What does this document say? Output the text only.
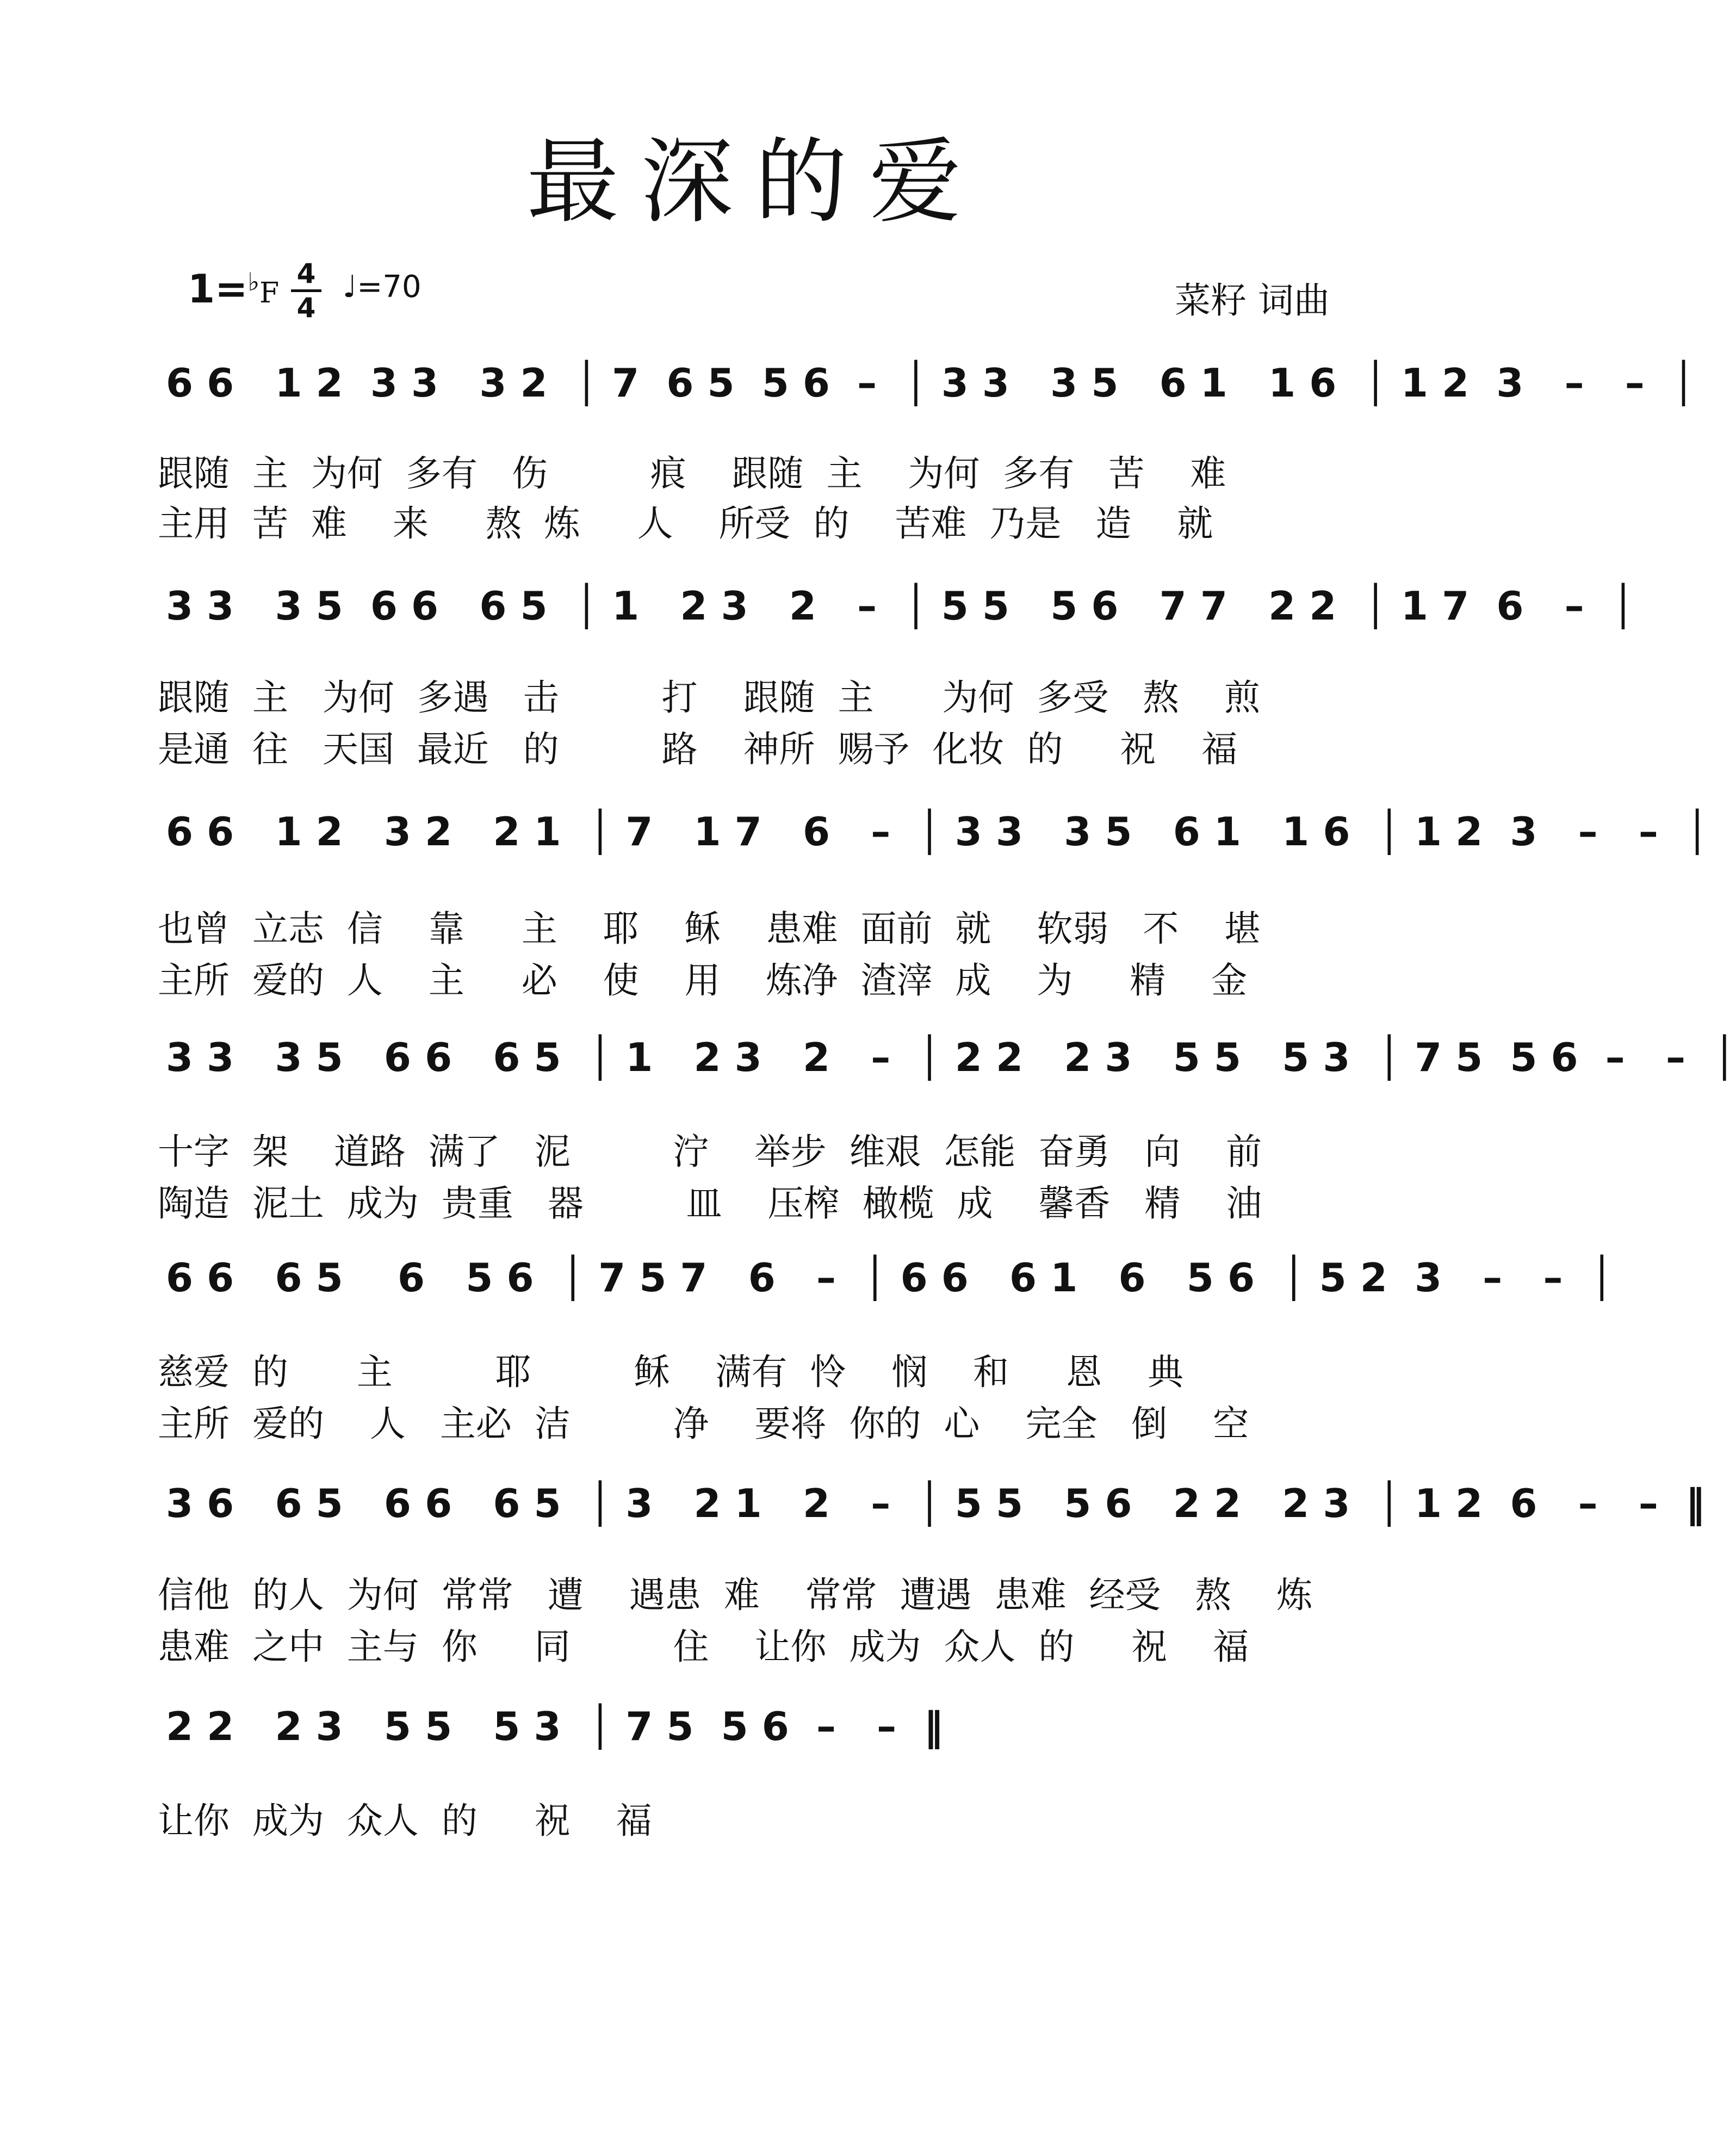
最深的爱
1=♭F
4
4
♩=70	菜籽 词曲
6 6   1 2  3 3   3 2  │ 7  6 5  5 6  –  │ 3 3   3 5   6 1   1 6  │ 1 2  3   –   –  │
跟随  主  为何  多有   伤         痕    跟随  主    为何  多有   苦    难
主用  苦  难    来     熬  炼     人    所受  的    苦难  乃是   造    就
3 3   3 5  6 6   6 5  │ 1   2 3   2   –  │ 5 5   5 6   7 7   2 2  │ 1 7  6   –  │
跟随  主   为何  多遇   击         打    跟随  主      为何  多受   熬    煎
是通  往   天国  最近   的         路    神所  赐予  化妆  的     祝    福
6 6   1 2   3 2   2 1  │ 7   1 7   6   –  │ 3 3   3 5   6 1   1 6  │ 1 2  3   –   –  │
也曾  立志  信    靠     主    耶    稣    患难  面前  就    软弱   不    堪
主所  爱的  人    主     必    使    用    炼净  渣滓  成    为     精    金
3 3   3 5   6 6   6 5  │ 1   2 3   2   –  │ 2 2   2 3   5 5   5 3  │ 7 5  5 6  –   –  │
十字  架    道路  满了   泥         泞    举步  维艰  怎能  奋勇   向    前
陶造  泥土  成为  贵重   器         皿    压榨  橄榄  成    馨香   精    油
6 6   6 5    6   5 6  │ 7 5 7   6   –  │ 6 6   6 1   6   5 6  │ 5 2  3   –   –  │
慈爱  的      主         耶         稣    满有  怜    悯    和     恩    典
主所  爱的    人   主必  洁         净    要将  你的  心    完全   倒    空
3 6   6 5   6 6   6 5  │ 3   2 1   2   –  │ 5 5   5 6   2 2   2 3  │ 1 2  6   –   –  ‖
信他  的人  为何  常常   遭    遇患  难    常常  遭遇  患难  经受   熬    炼
患难  之中  主与  你     同         住    让你  成为  众人  的     祝    福
2 2   2 3   5 5   5 3  │ 7 5  5 6  –   –  ‖
让你  成为  众人  的     祝    福
